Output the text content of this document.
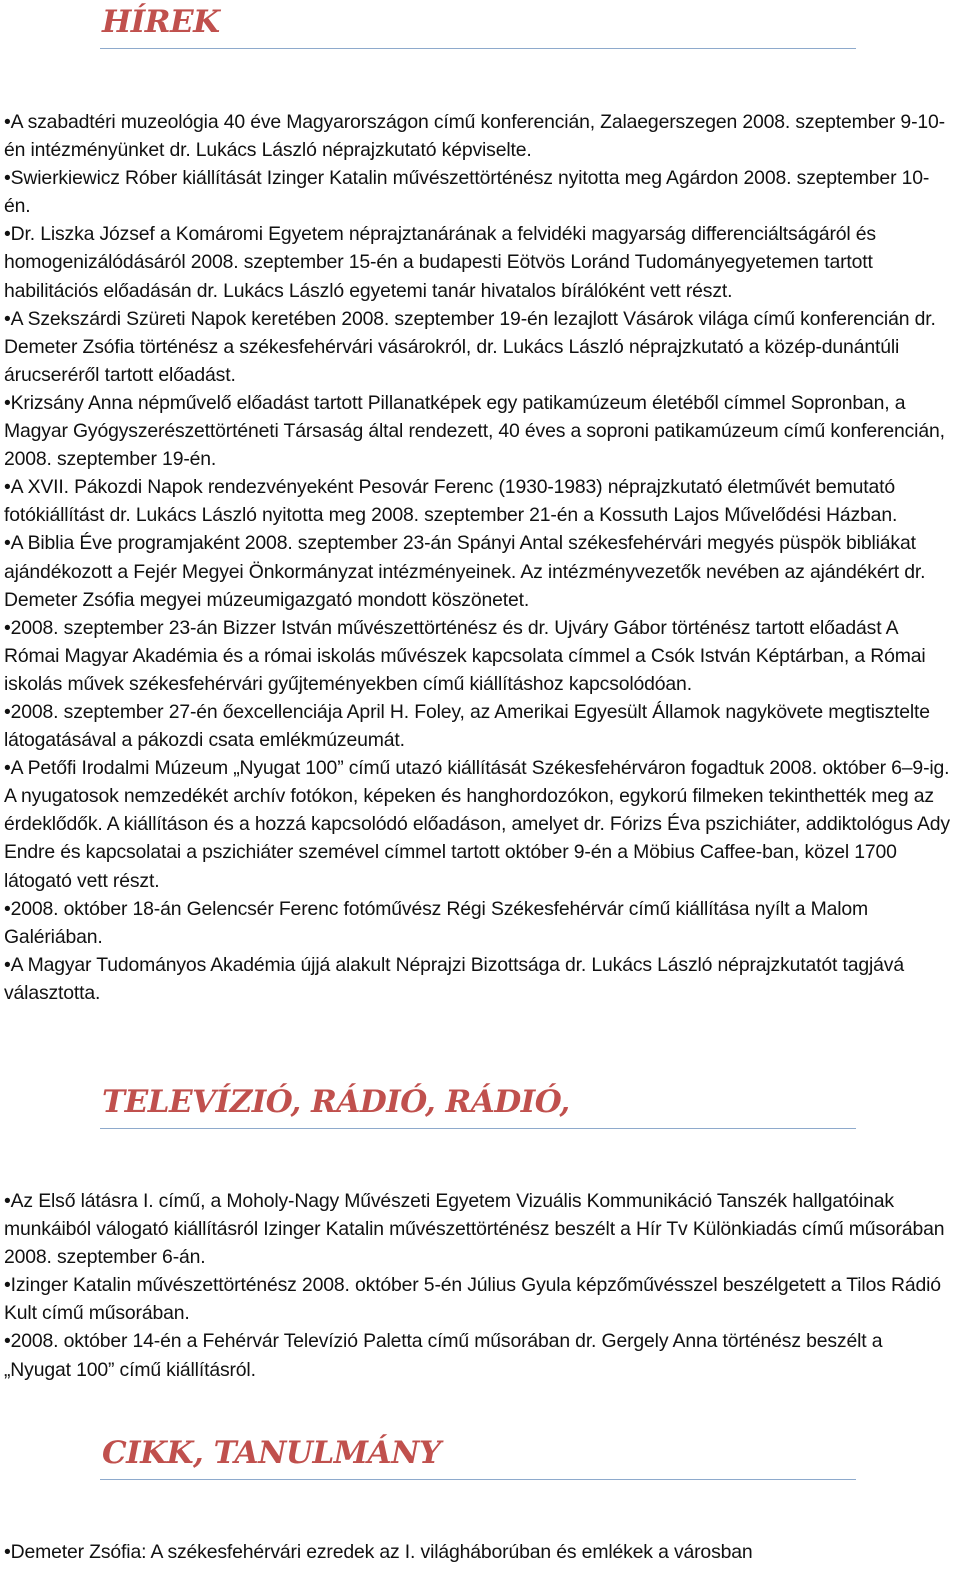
HÍREK

• A szabadtéri muzeológia 40 éve Magyarországon című konferencián, Zalaegerszegen 2008. szeptember 9-10-én intézményünket dr. Lukács László néprajzkutató képviselte.

• Swierkiewicz Róber kiállítását Izinger Katalin művészettörténész nyitotta meg Agárdon 2008. szeptember 10-én.

• Dr. Liszka József a Komáromi Egyetem néprajztanárának a felvidéki magyarság differenciáltságáról és homogenizálódásáról 2008. szeptember 15-én a budapesti Eötvös Loránd Tudományegyetemen tartott habilitációs előadásán dr. Lukács László egyetemi tanár hivatalos bírálóként vett részt.

• A Szekszárdi Szüreti Napok keretében 2008. szeptember 19-én lezajlott Vásárok világa című konferencián dr. Demeter Zsófia történész a székesfehérvári vásárokról, dr. Lukács László néprajzkutató a közép-dunántúli árucseréről tartott előadást.

• Krizsány Anna népművelő előadást tartott Pillanatképek egy patikamúzeum életéből címmel Sopronban, a Magyar Gyógyszerészettörténeti Társaság által rendezett, 40 éves a soproni patikamúzeum című konferencián, 2008. szeptember 19-én.

• A XVII. Pákozdi Napok rendezvényeként Pesovár Ferenc (1930-1983) néprajzkutató életművét bemutató fotókiállítást dr. Lukács László nyitotta meg 2008. szeptember 21-én a Kossuth Lajos Művelődési Házban.

• A Biblia Éve programjaként 2008. szeptember 23-án Spányi Antal székesfehérvári megyés püspök bibliákat ajándékozott a Fejér Megyei Önkormányzat intézményeinek. Az intézményvezetők nevében az ajándékért dr. Demeter Zsófia megyei múzeumigazgató mondott köszönetet.

• 2008. szeptember 23-án Bizzer István művészettörténész és dr. Ujváry Gábor történész tartott előadást A Római Magyar Akadémia és a római iskolás művészek kapcsolata címmel a Csók István Képtárban, a Római iskolás művek székesfehérvári gyűjteményekben című kiállításhoz kapcsolódóan.

• 2008. szeptember 27-én őexcellenciája April H. Foley, az Amerikai Egyesült Államok nagykövete megtisztelte látogatásával a pákozdi csata emlékmúzeumát.

• A Petőfi Irodalmi Múzeum „Nyugat 100” című utazó kiállítását Székesfehérváron fogadtuk 2008. október 6–9-ig. A nyugatosok nemzedékét archív fotókon, képeken és hanghordozókon, egykorú filmeken tekinthették meg az érdeklődők. A kiállításon és a hozzá kapcsolódó előadáson, amelyet dr. Fórizs Éva pszichiáter, addiktológus Ady Endre és kapcsolatai a pszichiáter szemével címmel tartott október 9-én a Möbius Caffee-ban, közel 1700 látogató vett részt.

• 2008. október 18-án Gelencsér Ferenc fotóművész Régi Székesfehérvár című kiállítása nyílt a Malom Galériában.

• A Magyar Tudományos Akadémia újjá alakult Néprajzi Bizottsága dr. Lukács László néprajzkutatót tagjává választotta.

TELEVÍZIÓ, RÁDIÓ, RÁDIÓ,

• Az Első látásra I. című, a Moholy-Nagy Művészeti Egyetem Vizuális Kommunikáció Tanszék hallgatóinak munkáiból válogató kiállításról Izinger Katalin művészettörténész beszélt a Hír Tv Különkiadás című műsorában 2008. szeptember 6-án.

• Izinger Katalin művészettörténész 2008. október 5-én Július Gyula képzőművésszel beszélgetett a Tilos Rádió Kult című műsorában.

• 2008. október 14-én a Fehérvár Televízió Paletta című műsorában dr. Gergely Anna történész beszélt a „Nyugat 100” című kiállításról.

CIKK, TANULMÁNY

• Demeter Zsófia: A székesfehérvári ezredek az I. világháborúban és emlékek a városban
